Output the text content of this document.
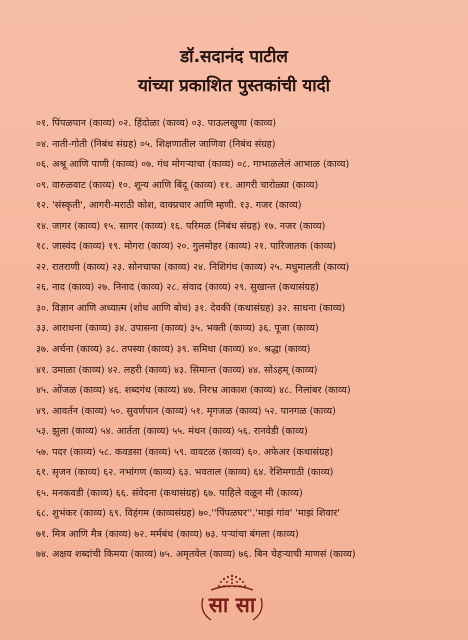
डॉ.सदानंद पाटील
यांच्या प्रकाशित पुस्तकांची यादी
०१. पिंपळपान (काव्य) ०२. हिंदोळा (काव्य) ०३. पाऊलखुणा (काव्य)
०४. नाती-गोती (निबंध संग्रह) ०५. शिक्षणातील जाणिवा (निबंध संग्रह)
०६. अश्रू आणि पाणी (काव्य) ०७. गंध मोगऱ्याचा (काव्य) ०८. गाभाळलेलं आभाळ (काव्य)
०९. वारुळवाट (काव्य) १०. शून्य आणि बिंदू (काव्य) ११. आगरी चारोळ्या (काव्य)
१२. 'संस्कृती', आगरी-मराठी कोश, वाक्प्रचार आणि म्हणी. १३. गजर (काव्य)
१४. जागर (काव्य) १५. सागर (काव्य) १६. परिमळ (निबंध संग्रह) १७. नजर (काव्य)
१८. जास्वंद (काव्य) १९. मोगरा (काव्य) २०. गुलमोहर (काव्य) २१. पारिजातक (काव्य)
२२. रातराणी (काव्य) २३. सोनचाफा (काव्य) २४. निशिगंध (काव्य) २५. मधुमालती (काव्य)
२६. नाद (काव्य) २७. निनाद (काव्य) २८. संवाद (काव्य) २९. सुखान्त (कथासंग्रह)
३०. विज्ञान आणि अध्यात्म (शोध आणि बोध) ३१. देवकी (कथासंग्रह) ३२. साधना (काव्य)
३३. आराधना (काव्य) ३४. उपासना (काव्य) ३५. भक्ती (काव्य) ३६. पूजा (काव्य)
३७. अर्चना (काव्य) ३८. तपस्या (काव्य) ३९. समिधा (काव्य) ४०. श्रद्धा (काव्य)
४१. उमाळा (काव्य) ४२. लहरी (काव्य) ४३. सिमान्त (काव्य) ४४. सोऽहम् (काव्य)
४५. ओंजळ (काव्य) ४६. शब्दगंध (काव्य) ४७. निरभ्र आकाश (काव्य) ४८. निलांबर (काव्य)
४९. आवर्तन (काव्य) ५०. सुवर्णपान (काव्य) ५१. मृगजळ (काव्य) ५२. पानगळ (काव्य)
५३. झुला (काव्य) ५४. आर्तता (काव्य) ५५. मंथन (काव्य) ५६. रानवेडी (काव्य)
५७. पदर (काव्य) ५८. कवडसा (काव्य) ५९. वावटळ (काव्य) ६०. अफेअर (कथासंग्रह)
६१. सृजन (काव्य) ६२. नभांगण (काव्य) ६३. भवताल (काव्य) ६४. रेशिमगाठी (काव्य)
६५. मनकवडी (काव्य) ६६. संवेदना (कथासंग्रह) ६७. पाहिले वळून मी (काव्य)
६८. शुभंकर (काव्य) ६९. विहंगम (काव्यसंग्रह) ७०.''पिंपळघर''.'माझं गांव' 'माझं शिवार'
७१. मित्र आणि मैत्र (काव्य) ७२. मर्मबंध (काव्य) ७३. पऱ्यांचा बंगला (काव्य)
७४. अक्षय शब्दांची किमया (काव्य) ७५. अमृतवेल (काव्य) ७६. बिन चेहऱ्याची माणसं (काव्य)
सा सा
